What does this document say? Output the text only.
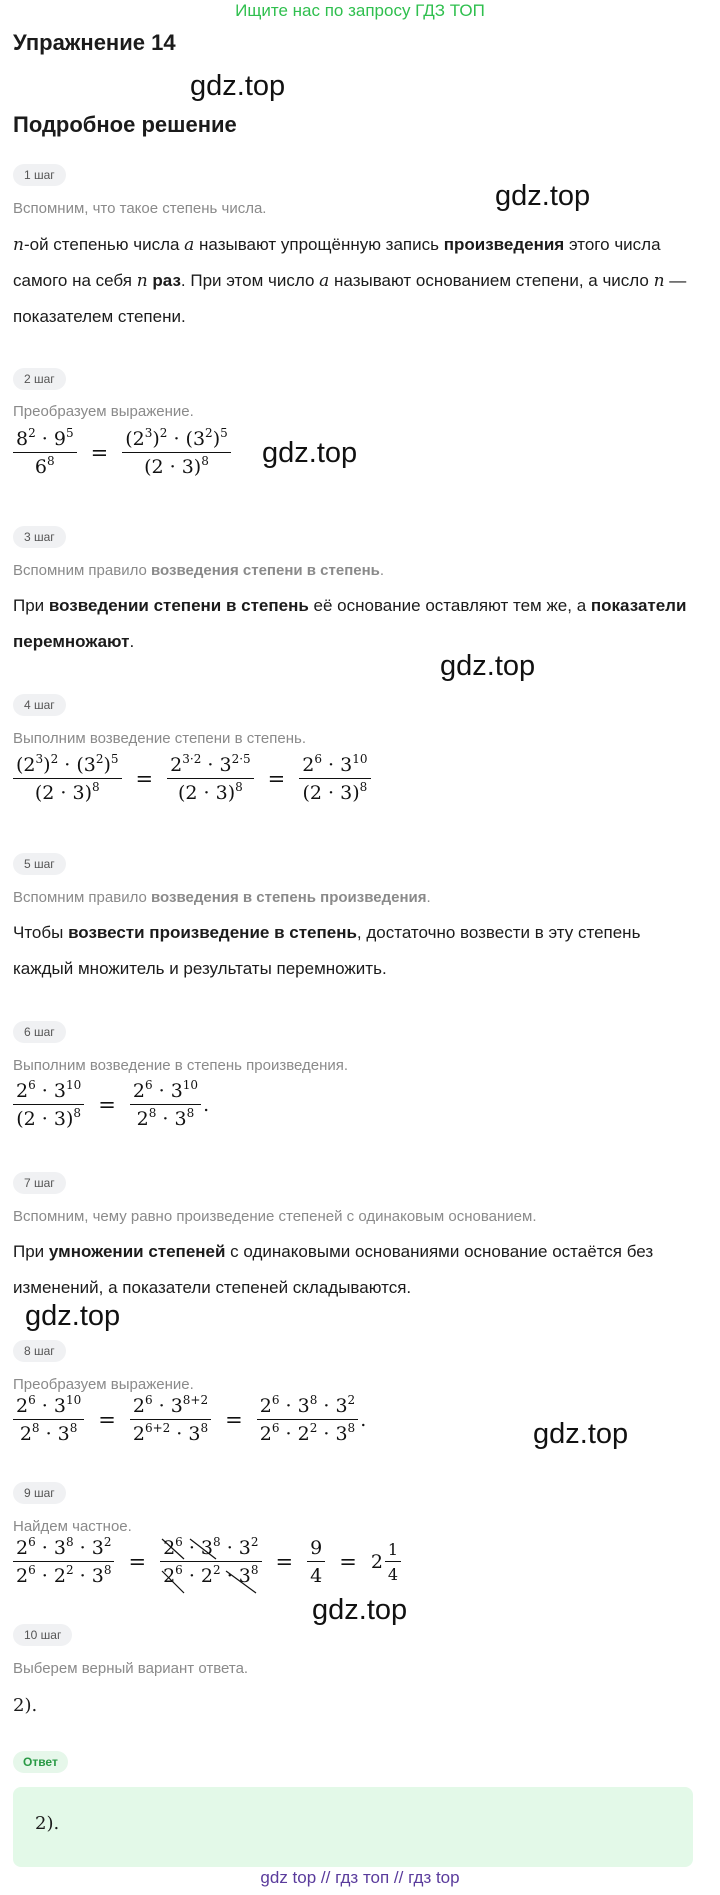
Ищите нас по запросу ГДЗ ТОП
Упражнение 14
Подробное решение
gdz.top
gdz.top
gdz.top
gdz.top
gdz.top
gdz.top
gdz.top
1 шаг
Вспомним, что такое степень числа.
n-ой степенью числа a называют упрощённую запись произведения этого числа самого на себя n раз. При этом число a называют основанием степени, а число n — показателем степени.
2 шаг
Преобразуем выражение.
$\frac{8^2 \cdot 9^5}{6^8} = \frac{(2^3)^2 \cdot (3^2)^5}{(2 \cdot 3)^8}$
3 шаг
Вспомним правило возведения степени в степень.
При возведении степени в степень её основание оставляют тем же, а показатели перемножают.
4 шаг
Выполним возведение степени в степень.
$\frac{(2^3)^2 \cdot (3^2)^5}{(2 \cdot 3)^8} = \frac{2^{3\cdot 2} \cdot 3^{2\cdot 5}}{(2 \cdot 3)^8} = \frac{2^6 \cdot 3^{10}}{(2 \cdot 3)^8}$
5 шаг
Вспомним правило возведения в степень произведения.
Чтобы возвести произведение в степень, достаточно возвести в эту степень каждый множитель и результаты перемножить.
6 шаг
Выполним возведение в степень произведения.
$\frac{2^6 \cdot 3^{10}}{(2 \cdot 3)^8} = \frac{2^6 \cdot 3^{10}}{2^8 \cdot 3^8}$ .
7 шаг
Вспомним, чему равно произведение степеней с одинаковым основанием.
При умножении степеней с одинаковыми основаниями основание остаётся без изменений, а показатели степеней складываются.
8 шаг
Преобразуем выражение.
$\frac{2^6 \cdot 3^{10}}{2^8 \cdot 3^8} = \frac{2^6 \cdot 3^{8+2}}{2^{6+2} \cdot 3^8} = \frac{2^6 \cdot 3^8 \cdot 3^2}{2^6 \cdot 2^2 \cdot 3^8}$ .
9 шаг
Найдем частное.
$\frac{2^6 \cdot 3^8 \cdot 3^2}{2^6 \cdot 2^2 \cdot 3^8} = \frac{2^6 \cdot 3^8 \cdot 3^2}{2^6 \cdot 2^2 \cdot 3^8} = \frac{9}{4} = 2 \frac{1}{4}$
10 шаг
Выберем верный вариант ответа.
2).
Ответ
2).
gdz top // гдз топ // гдз top
